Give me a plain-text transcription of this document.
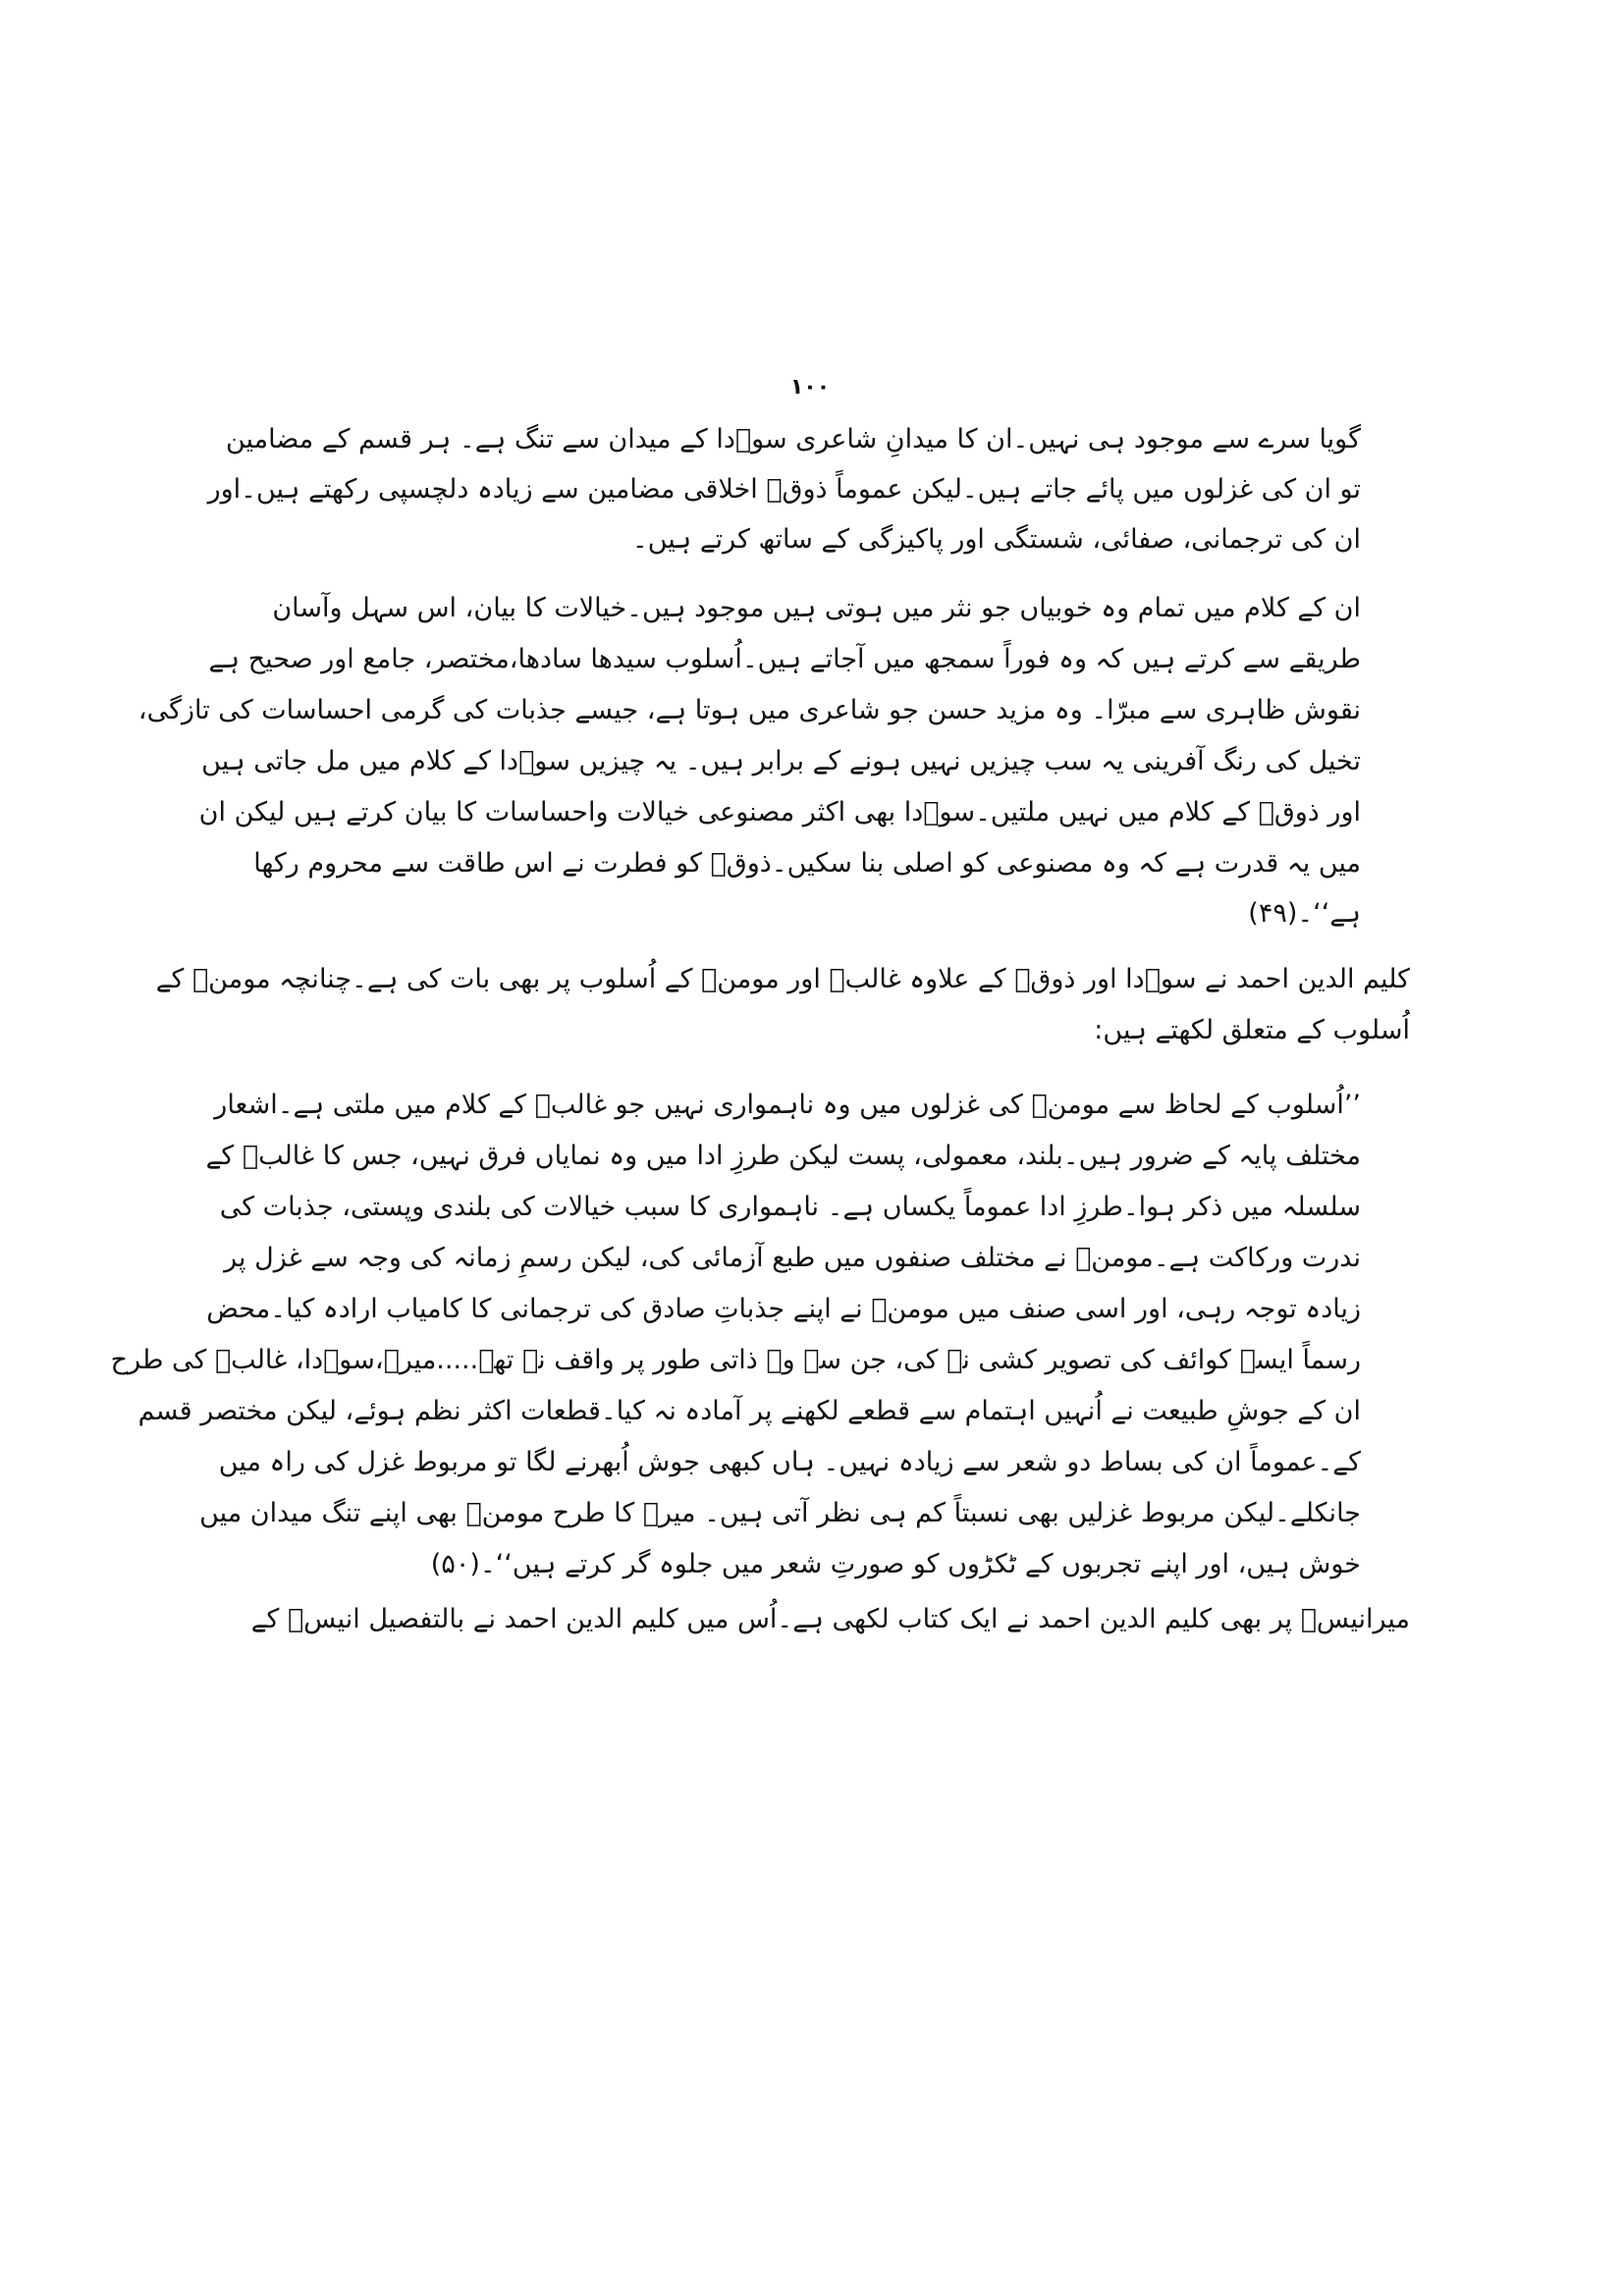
۱۰۰
گویا سرے سے موجود ہی نہیں۔ان کا میدانِ شاعری سوؔدا کے میدان سے تنگ ہے۔ ہر قسم کے مضامین
تو ان کی غزلوں میں پائے جاتے ہیں۔لیکن عموماً ذوقؔ اخلاقی مضامین سے زیادہ دلچسپی رکھتے ہیں۔اور
ان کی ترجمانی، صفائی، شستگی اور پاکیزگی کے ساتھ کرتے ہیں۔
ان کے کلام میں تمام وہ خوبیاں جو نثر میں ہوتی ہیں موجود ہیں۔خیالات کا بیان، اس سہل وآسان
طریقے سے کرتے ہیں کہ وہ فوراً سمجھ میں آجاتے ہیں۔اُسلوب سیدھا سادھا،مختصر، جامع اور صحیح ہے
نقوش ظاہری سے مبرّا۔ وہ مزید حسن جو شاعری میں ہوتا ہے، جیسے جذبات کی گرمی احساسات کی تازگی،
تخیل کی رنگ آفرینی یہ سب چیزیں نہیں ہونے کے برابر ہیں۔ یہ چیزیں سوؔدا کے کلام میں مل جاتی ہیں
اور ذوقؔ کے کلام میں نہیں ملتیں۔سوؔدا بھی اکثر مصنوعی خیالات واحساسات کا بیان کرتے ہیں لیکن ان
میں یہ قدرت ہے کہ وہ مصنوعی کو اصلی بنا سکیں۔ذوقؔ کو فطرت نے اس طاقت سے محروم رکھا
ہے‘‘۔(۴۹)
کلیم الدین احمد نے سوؔدا اور ذوقؔ کے علاوہ غالبؔ اور مومنؔ کے اُسلوب پر بھی بات کی ہے۔چنانچہ مومنؔ کے
اُسلوب کے متعلق لکھتے ہیں:
’’اُسلوب کے لحاظ سے مومنؔ کی غزلوں میں وہ ناہمواری نہیں جو غالبؔ کے کلام میں ملتی ہے۔اشعار
مختلف پایہ کے ضرور ہیں۔بلند، معمولی، پست لیکن طرزِ ادا میں وہ نمایاں فرق نہیں، جس کا غالبؔ کے
سلسلہ میں ذکر ہوا۔طرزِ ادا عموماً یکساں ہے۔ ناہمواری کا سبب خیالات کی بلندی وپستی، جذبات کی
ندرت ورکاکت ہے۔مومنؔ نے مختلف صنفوں میں طبع آزمائی کی، لیکن رسمِ زمانہ کی وجہ سے غزل پر
زیادہ توجہ رہی، اور اسی صنف میں مومنؔ نے اپنے جذباتِ صادق کی ترجمانی کا کامیاب ارادہ کیا۔محض
رسماً ایسے کوائف کی تصویر کشی نہ کی، جن سے وہ ذاتی طور پر واقف نہ تھے.....میرؔ،سوؔدا، غالبؔ کی طرح
ان کے جوشِ طبیعت نے اُنہیں اہتمام سے قطعے لکھنے پر آمادہ نہ کیا۔قطعات اکثر نظم ہوئے، لیکن مختصر قسم
کے۔عموماً ان کی بساط دو شعر سے زیادہ نہیں۔ ہاں کبھی جوش اُبھرنے لگا تو مربوط غزل کی راہ میں
جانکلے۔لیکن مربوط غزلیں بھی نسبتاً کم ہی نظر آتی ہیں۔ میرؔ کا طرح مومنؔ بھی اپنے تنگ میدان میں
خوش ہیں، اور اپنے تجربوں کے ٹکڑوں کو صورتِ شعر میں جلوہ گر کرتے ہیں‘‘۔(۵۰)
میرانیسؔ پر بھی کلیم الدین احمد نے ایک کتاب لکھی ہے۔اُس میں کلیم الدین احمد نے بالتفصیل انیسؔ کے
